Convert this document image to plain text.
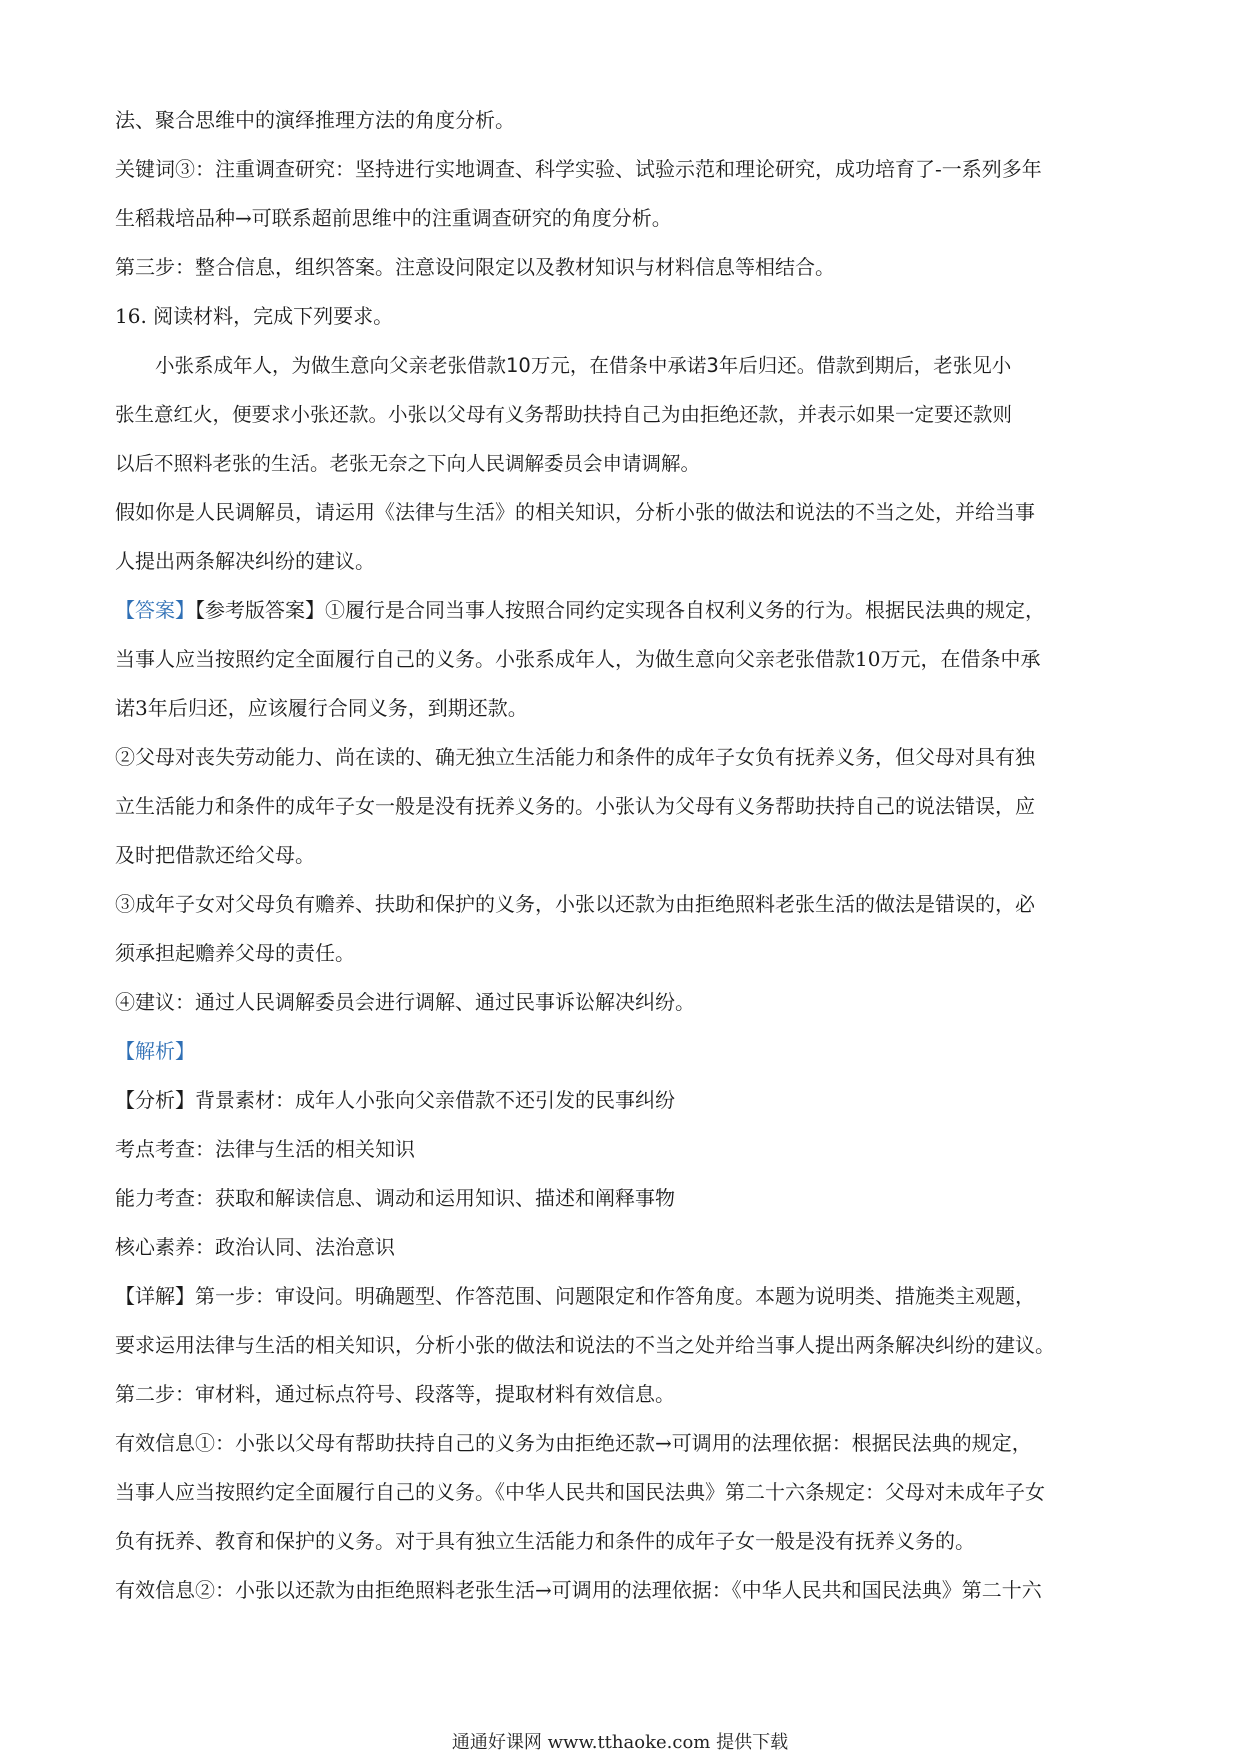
法、聚合思维中的演绎推理方法的角度分析。

关键词③：注重调查研究：坚持进行实地调查、科学实验、试验示范和理论研究，成功培育了-一系列多年

生稻栽培品种→可联系超前思维中的注重调查研究的角度分析。

第三步：整合信息，组织答案。注意设问限定以及教材知识与材料信息等相结合。

16. 阅读材料，完成下列要求。

小张系成年人，为做生意向父亲老张借款10万元，在借条中承诺3年后归还。借款到期后，老张见小

张生意红火，便要求小张还款。小张以父母有义务帮助扶持自己为由拒绝还款，并表示如果一定要还款则

以后不照料老张的生活。老张无奈之下向人民调解委员会申请调解。

假如你是人民调解员，请运用《法律与生活》的相关知识，分析小张的做法和说法的不当之处，并给当事

人提出两条解决纠纷的建议。

【答案】【参考版答案】①履行是合同当事人按照合同约定实现各自权利义务的行为。根据民法典的规定，

当事人应当按照约定全面履行自己的义务。小张系成年人，为做生意向父亲老张借款10万元，在借条中承

诺3年后归还，应该履行合同义务，到期还款。

②父母对丧失劳动能力、尚在读的、确无独立生活能力和条件的成年子女负有抚养义务，但父母对具有独

立生活能力和条件的成年子女一般是没有抚养义务的。小张认为父母有义务帮助扶持自己的说法错误，应

及时把借款还给父母。

③成年子女对父母负有赡养、扶助和保护的义务，小张以还款为由拒绝照料老张生活的做法是错误的，必

须承担起赡养父母的责任。

④建议：通过人民调解委员会进行调解、通过民事诉讼解决纠纷。

【解析】

【分析】背景素材：成年人小张向父亲借款不还引发的民事纠纷

考点考查：法律与生活的相关知识

能力考查：获取和解读信息、调动和运用知识、描述和阐释事物

核心素养：政治认同、法治意识

【详解】第一步：审设问。明确题型、作答范围、问题限定和作答角度。本题为说明类、措施类主观题，

要求运用法律与生活的相关知识，分析小张的做法和说法的不当之处并给当事人提出两条解决纠纷的建议。

第二步：审材料，通过标点符号、段落等，提取材料有效信息。

有效信息①：小张以父母有帮助扶持自己的义务为由拒绝还款→可调用的法理依据：根据民法典的规定，

当事人应当按照约定全面履行自己的义务。《中华人民共和国民法典》第二十六条规定：父母对未成年子女

负有抚养、教育和保护的义务。对于具有独立生活能力和条件的成年子女一般是没有抚养义务的。

有效信息②：小张以还款为由拒绝照料老张生活→可调用的法理依据：《中华人民共和国民法典》第二十六

通通好课网 www.tthaoke.com 提供下载
